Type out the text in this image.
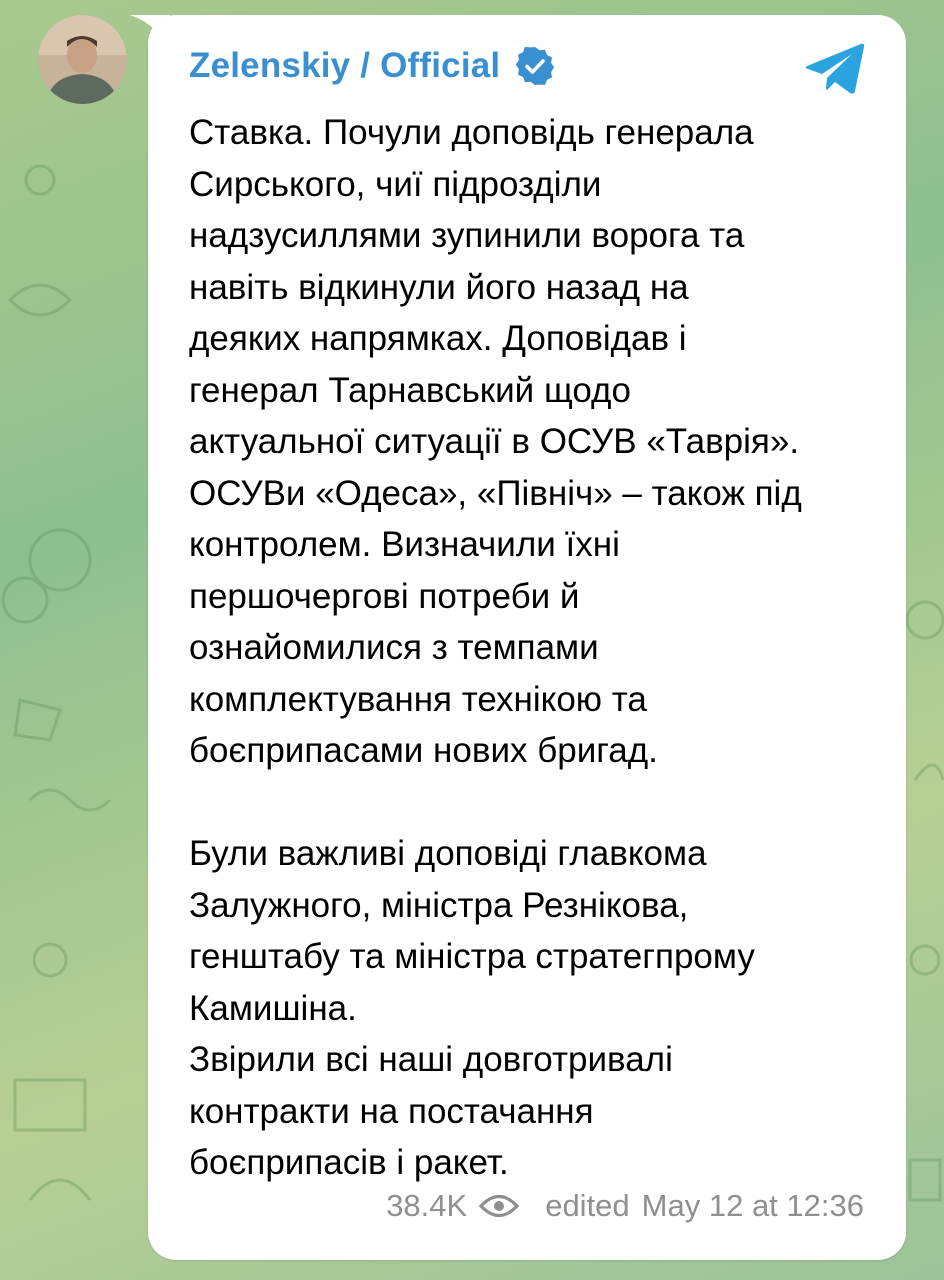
Zelenskiy / Official

Ставка. Почули доповідь генерала
Сирського, чиї підрозділи
надзусиллями зупинили ворога та
навіть відкинули його назад на
деяких напрямках. Доповідав і
генерал Тарнавський щодо
актуальної ситуації в ОСУВ «Таврія».
ОСУВи «Одеса», «Північ» – також під
контролем. Визначили їхні
першочергові потреби й
ознайомилися з темпами
комплектування технікою та
боєприпасами нових бригад.

Були важливі доповіді главкома
Залужного, міністра Резнікова,
генштабу та міністра стратегпрому
Камишіна.
Звірили всі наші довготривалі
контракти на постачання
боєприпасів і ракет.

38.4K	edited May 12 at 12:36
